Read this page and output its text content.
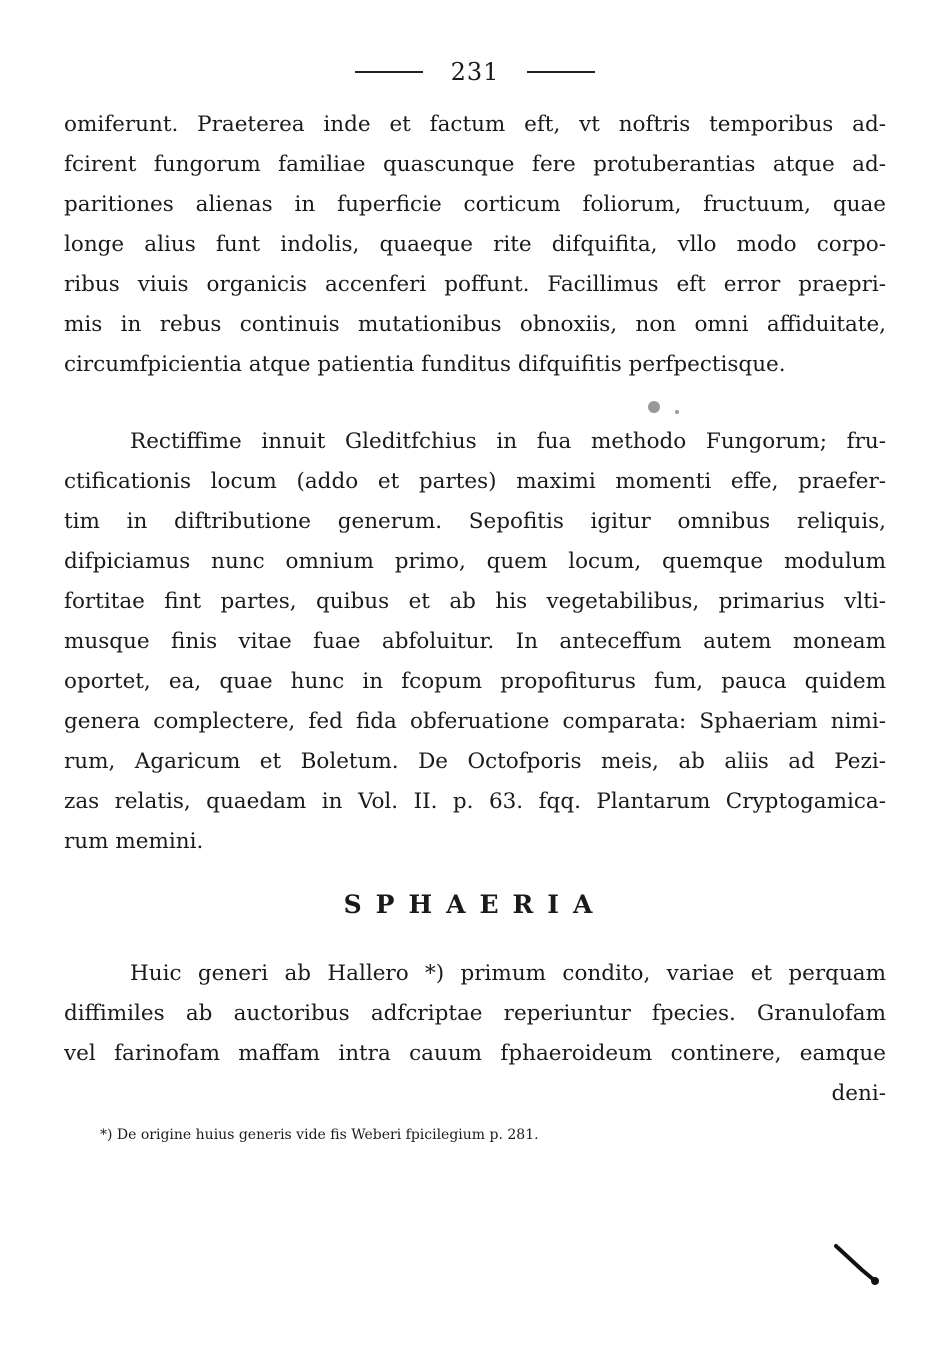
231
omiferunt. Praeterea inde et factum eft, vt noftris temporibus ad-
fcirent fungorum familiae quascunque fere protuberantias atque ad-
paritiones alienas in fuperficie corticum foliorum, fructuum, quae
longe alius funt indolis, quaeque rite difquifita, vllo modo corpo-
ribus viuis organicis accenferi poffunt. Facillimus eft error praepri-
mis in rebus continuis mutationibus obnoxiis, non omni affiduitate,
circumfpicientia atque patientia funditus difquifitis perfpectisque.
Rectiffime innuit Gleditfchius in fua methodo Fungorum; fru-
ctificationis locum (addo et partes) maximi momenti effe, praefer-
tim in diftributione generum. Sepofitis igitur omnibus reliquis,
difpiciamus nunc omnium primo, quem locum, quemque modulum
fortitae fint partes, quibus et ab his vegetabilibus, primarius vlti-
musque finis vitae fuae abfoluitur. In anteceffum autem moneam
oportet, ea, quae hunc in fcopum propofiturus fum, pauca quidem
genera complectere, fed fida obferuatione comparata: Sphaeriam nimi-
rum, Agaricum et Boletum. De Octofporis meis, ab aliis ad Pezi-
zas relatis, quaedam in Vol. II. p. 63. fqq. Plantarum Cryptogamica-
rum memini.
SPHAERIA
Huic generi ab Hallero *) primum condito, variae et perquam
diffimiles ab auctoribus adfcriptae reperiuntur fpecies. Granulofam
vel farinofam maffam intra cauum fphaeroideum continere, eamque
deni-
*) De origine huius generis vide fis Weberi fpicilegium p. 281.
